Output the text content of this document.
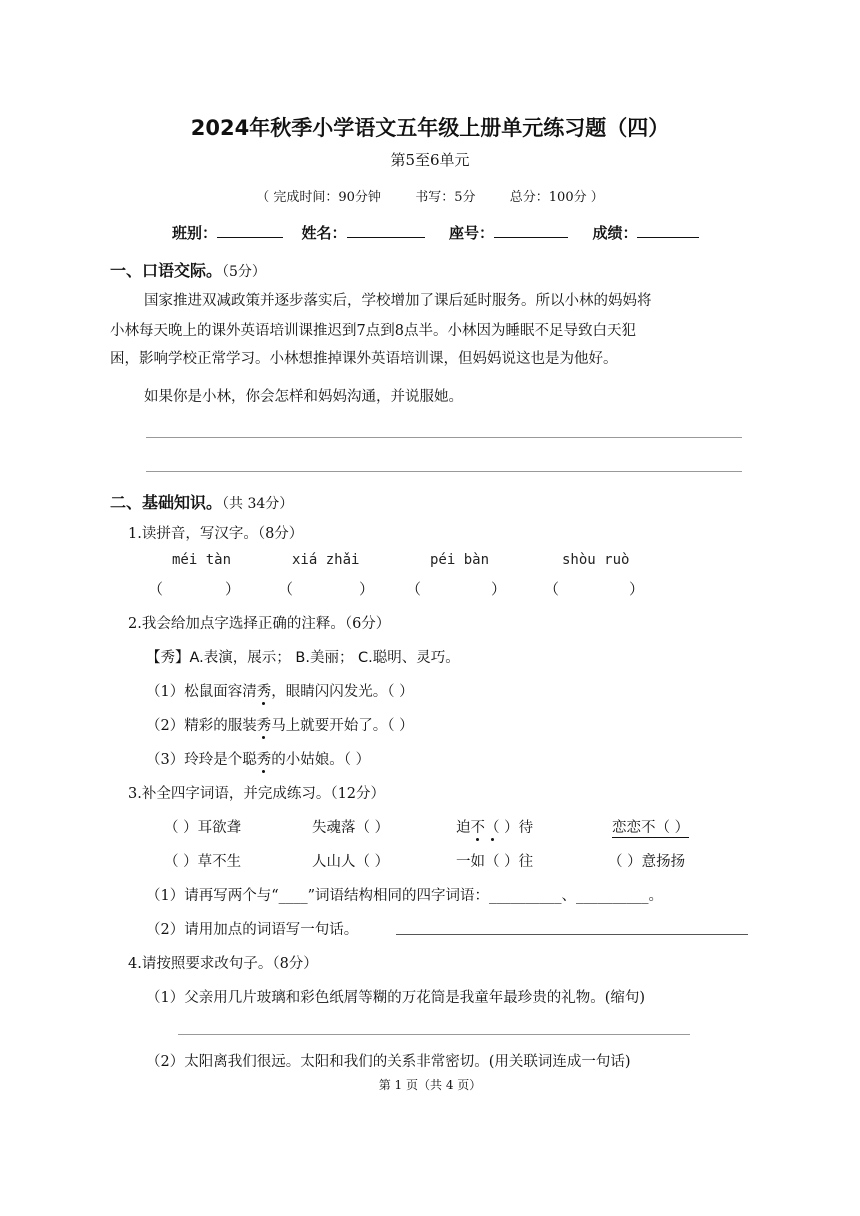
2024年秋季小学语文五年级上册单元练习题（四）
第5至6单元
（ 完成时间：90分钟	书写：5分	总分：100分 ）
班别：	姓名：	座号：	成绩：
一、口语交际。（5分）
国家推进双减政策并逐步落实后，学校增加了课后延时服务。所以小林的妈妈将
小林每天晚上的课外英语培训课推迟到7点到8点半。小林因为睡眠不足导致白天犯
困，影响学校正常学习。小林想推掉课外英语培训课，但妈妈说这也是为他好。
如果你是小林，你会怎样和妈妈沟通，并说服她。
二、基础知识。（共 34分）
1.读拼音，写汉字。（8分）
méi tàn	xiá zhǎi	péi bàn	shòu ruò
（	）	（	） （	）	（	）
2.我会给加点字选择正确的注释。（6分）
【秀】A.表演，展示； B.美丽； C.聪明、灵巧。
（1）松鼠面容清秀，眼睛闪闪发光。（ ）
（2）精彩的服装秀马上就要开始了。（ ）
（3）玲玲是个聪秀的小姑娘。（ ）
3.补全四字词语，并完成练习。（12分）
（ ）耳欲聋	失魂落（ ）	迫不（ ）待	恋恋不（ ）
（ ）草不生	人山人（ ）	一如（ ）往	（ ）意扬扬
（1）请再写两个与“____”词语结构相同的四字词语：__________、__________。
（2）请用加点的词语写一句话。
4.请按照要求改句子。（8分）
（1）父亲用几片玻璃和彩色纸屑等糊的万花筒是我童年最珍贵的礼物。(缩句)
（2）太阳离我们很远。太阳和我们的关系非常密切。(用关联词连成一句话)
第 1 页（共 4 页）
